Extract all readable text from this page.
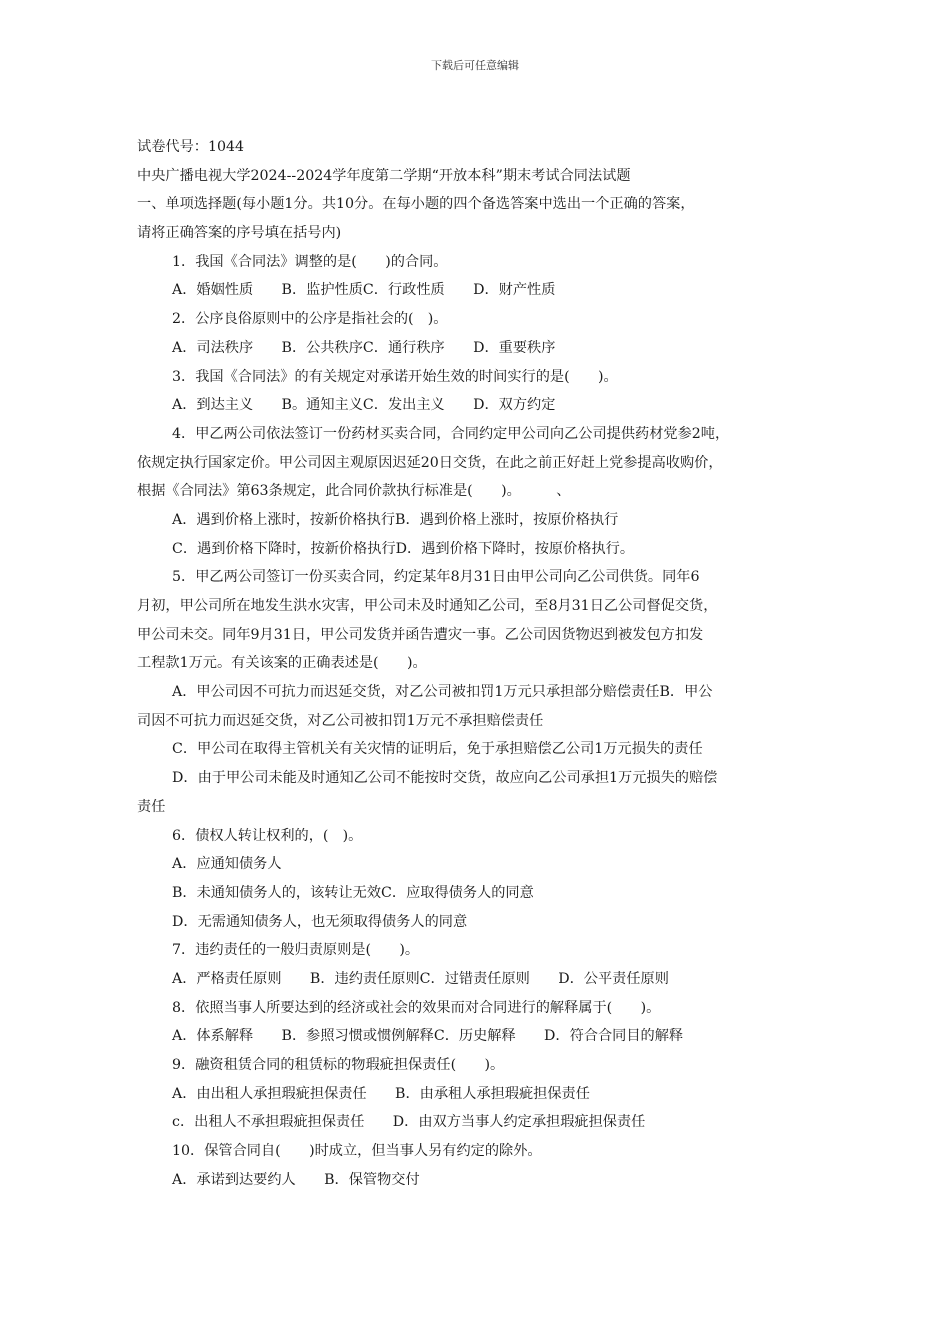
下载后可任意编辑
试卷代号：1044
中央广播电视大学2024--2024学年度第二学期“开放本科”期末考试合同法试题
一、单项选择题(每小题1分。共10分。在每小题的四个备选答案中选出一个正确的答案，
请将正确答案的序号填在括号内)
1．我国《合同法》调整的是(　　)的合同。
A．婚姻性质　　B．监护性质C．行政性质　　D．财产性质
2．公序良俗原则中的公序是指社会的(　)。
A．司法秩序　　B．公共秩序C．通行秩序　　D．重要秩序
3．我国《合同法》的有关规定对承诺开始生效的时间实行的是(　　)。
A．到达主义　　B。通知主义C．发出主义　　D．双方约定
4．甲乙两公司依法签订一份药材买卖合同，合同约定甲公司向乙公司提供药材党参2吨，
依规定执行国家定价。甲公司因主观原因迟延20日交货，在此之前正好赶上党参提高收购价，
根据《合同法》第63条规定，此合同价款执行标准是(　　)。　　　、
A．遇到价格上涨时，按新价格执行B．遇到价格上涨时，按原价格执行
C．遇到价格下降时，按新价格执行D．遇到价格下降时，按原价格执行。
5．甲乙两公司签订一份买卖合同，约定某年8月31日由甲公司向乙公司供货。同年6
月初，甲公司所在地发生洪水灾害，甲公司未及时通知乙公司，至8月31日乙公司督促交货，
甲公司未交。同年9月31日，甲公司发货并函告遭灾一事。乙公司因货物迟到被发包方扣发
工程款1万元。有关该案的正确表述是(　　)。
A．甲公司因不可抗力而迟延交货，对乙公司被扣罚1万元只承担部分赔偿责任B．甲公
司因不可抗力而迟延交货，对乙公司被扣罚1万元不承担赔偿责任
C．甲公司在取得主管机关有关灾情的证明后，免于承担赔偿乙公司1万元损失的责任
D．由于甲公司未能及时通知乙公司不能按时交货，故应向乙公司承担1万元损失的赔偿
责任
6．债权人转让权利的，(　)。
A．应通知债务人
B．未通知债务人的，该转让无效C．应取得债务人的同意
D．无需通知债务人，也无须取得债务人的同意
7．违约责任的一般归责原则是(　　)。
A．严格责任原则　　B．违约责任原则C．过错责任原则　　D．公平责任原则
8．依照当事人所要达到的经济或社会的效果而对合同进行的解释属于(　　)。
A．体系解释　　B．参照习惯或惯例解释C．历史解释　　D．符合合同目的解释
9．融资租赁合同的租赁标的物瑕疵担保责任(　　)。
A．由出租人承担瑕疵担保责任　　B．由承租人承担瑕疵担保责任
c．出租人不承担瑕疵担保责任　　D．由双方当事人约定承担瑕疵担保责任
10．保管合同自(　　)时成立，但当事人另有约定的除外。
A．承诺到达要约人　　B．保管物交付
